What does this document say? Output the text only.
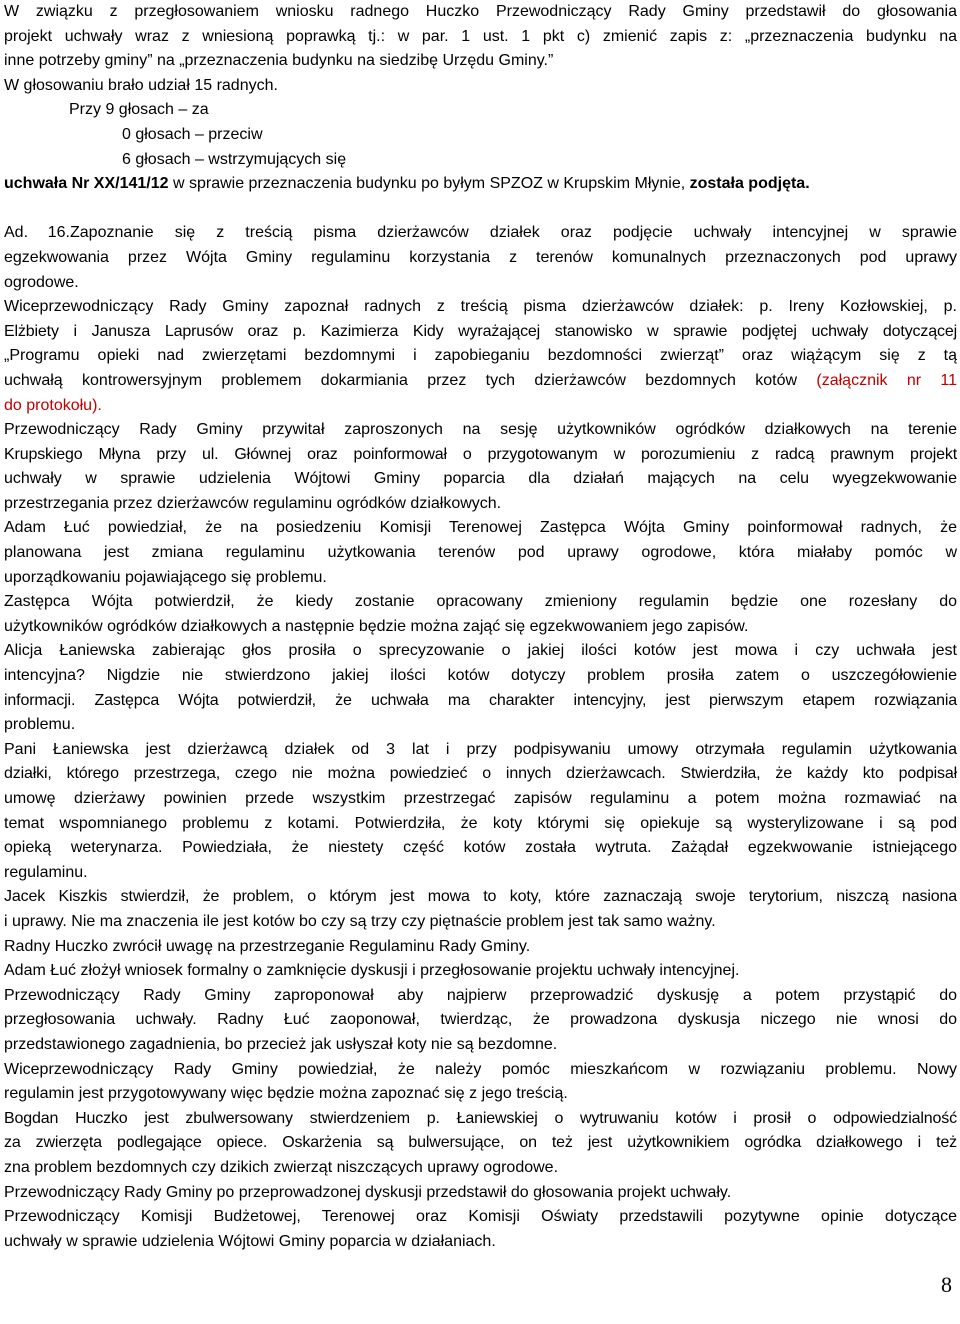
W związku z przegłosowaniem wniosku radnego Huczko Przewodniczący Rady Gminy przedstawił do głosowania
projekt uchwały wraz z wniesioną poprawką tj.: w par. 1 ust. 1 pkt c) zmienić zapis z: „przeznaczenia budynku na
inne potrzeby gminy” na „przeznaczenia budynku na siedzibę Urzędu Gminy.”
W głosowaniu brało udział 15 radnych.
Przy 9 głosach – za
0 głosach – przeciw
6 głosach – wstrzymujących się
uchwała Nr XX/141/12 w sprawie przeznaczenia budynku po byłym SPZOZ w Krupskim Młynie, została podjęta.
Ad. 16.Zapoznanie się z treścią pisma dzierżawców działek oraz podjęcie uchwały intencyjnej w sprawie
egzekwowania przez Wójta Gminy regulaminu korzystania z terenów komunalnych przeznaczonych pod uprawy
ogrodowe.
Wiceprzewodniczący Rady Gminy zapoznał radnych z treścią pisma dzierżawców działek: p. Ireny Kozłowskiej, p.
Elżbiety i Janusza Laprusów oraz p. Kazimierza Kidy wyrażającej stanowisko w sprawie podjętej uchwały dotyczącej
„Programu opieki nad zwierzętami bezdomnymi i zapobieganiu bezdomności zwierząt” oraz wiążącym się z tą
uchwałą kontrowersyjnym problemem dokarmiania przez tych dzierżawców bezdomnych kotów (załącznik nr 11
do protokołu).
Przewodniczący Rady Gminy przywitał zaproszonych na sesję użytkowników ogródków działkowych na terenie
Krupskiego Młyna przy ul. Głównej oraz poinformował o przygotowanym w porozumieniu z radcą prawnym projekt
uchwały w sprawie udzielenia Wójtowi Gminy poparcia dla działań mających na celu wyegzekwowanie
przestrzegania przez dzierżawców regulaminu ogródków działkowych.
Adam Łuć powiedział, że na posiedzeniu Komisji Terenowej Zastępca Wójta Gminy poinformował radnych, że
planowana jest zmiana regulaminu użytkowania terenów pod uprawy ogrodowe, która miałaby pomóc w
uporządkowaniu pojawiającego się problemu.
Zastępca Wójta potwierdził, że kiedy zostanie opracowany zmieniony regulamin będzie one rozesłany do
użytkowników ogródków działkowych a następnie będzie można zająć się egzekwowaniem jego zapisów.
Alicja Łaniewska zabierając głos prosiła o sprecyzowanie o jakiej ilości kotów jest mowa i czy uchwała jest
intencyjna? Nigdzie nie stwierdzono jakiej ilości kotów dotyczy problem prosiła zatem o uszczegółowienie
informacji. Zastępca Wójta potwierdził, że uchwała ma charakter intencyjny, jest pierwszym etapem rozwiązania
problemu.
Pani Łaniewska jest dzierżawcą działek od 3 lat i przy podpisywaniu umowy otrzymała regulamin użytkowania
działki, którego przestrzega, czego nie można powiedzieć o innych dzierżawcach. Stwierdziła, że każdy kto podpisał
umowę dzierżawy powinien przede wszystkim przestrzegać zapisów regulaminu a potem można rozmawiać na
temat wspomnianego problemu z kotami. Potwierdziła, że koty którymi się opiekuje są wysterylizowane i są pod
opieką weterynarza. Powiedziała, że niestety część kotów została wytruta. Zażądał egzekwowanie istniejącego
regulaminu.
Jacek Kiszkis stwierdził, że problem, o którym jest mowa to koty, które zaznaczają swoje terytorium, niszczą nasiona
i uprawy. Nie ma znaczenia ile jest kotów bo czy są trzy czy piętnaście problem jest tak samo ważny.
Radny Huczko zwrócił uwagę na przestrzeganie Regulaminu Rady Gminy.
Adam Łuć złożył wniosek formalny o zamknięcie dyskusji i przegłosowanie projektu uchwały intencyjnej.
Przewodniczący Rady Gminy zaproponował aby najpierw przeprowadzić dyskusję a potem przystąpić do
przegłosowania uchwały. Radny Łuć zaoponował, twierdząc, że prowadzona dyskusja niczego nie wnosi do
przedstawionego zagadnienia, bo przecież jak usłyszał koty nie są bezdomne.
Wiceprzewodniczący Rady Gminy powiedział, że należy pomóc mieszkańcom w rozwiązaniu problemu. Nowy
regulamin jest przygotowywany więc będzie można zapoznać się z jego treścią.
Bogdan Huczko jest zbulwersowany stwierdzeniem p. Łaniewskiej o wytruwaniu kotów i prosił o odpowiedzialność
za zwierzęta podlegające opiece. Oskarżenia są bulwersujące, on też jest użytkownikiem ogródka działkowego i też
zna problem bezdomnych czy dzikich zwierząt niszczących uprawy ogrodowe.
Przewodniczący Rady Gminy po przeprowadzonej dyskusji przedstawił do głosowania projekt uchwały.
Przewodniczący Komisji Budżetowej, Terenowej oraz Komisji Oświaty przedstawili pozytywne opinie dotyczące
uchwały w sprawie udzielenia Wójtowi Gminy poparcia w działaniach.
8
